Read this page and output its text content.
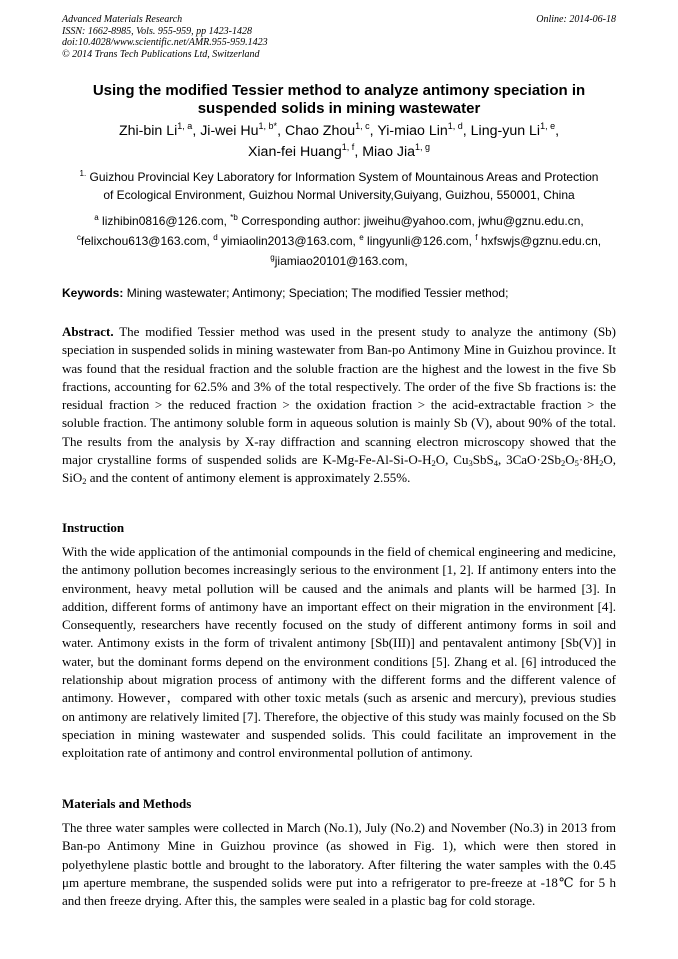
Advanced Materials Research
ISSN: 1662-8985, Vols. 955-959, pp 1423-1428
doi:10.4028/www.scientific.net/AMR.955-959.1423
© 2014 Trans Tech Publications Ltd, Switzerland
Online: 2014-06-18
Using the modified Tessier method to analyze antimony speciation in
suspended solids in mining wastewater
Zhi-bin Li$^{1, a}$, Ji-wei $Hu^{1, b*}$, Chao Zhou$^{1, c}$, Yi-miao Lin$^{1, d}$, Ling-yun Li$^{1, e}$,
Xian-fei Huang$^{1, f}$, Miao Jia$^{1, g}$
$^{1.}$ Guizhou Provincial Key Laboratory for Information System of Mountainous Areas and Protection
of Ecological Environment, Guizhou Normal University,Guiyang, Guizhou, 550001, China
$^a$ lizhibin0816@126.com, $^{*b}$ Corresponding author: jiweihu@yahoo.com, jwhu@gznu.edu.cn,
$^c$felixchou613@163.com, $^d$ yimiaolin2013@163.com, $^e$ lingyunli@126.com, $^f$ hxfswjs@gznu.edu.cn,
$^g$jiamiao20101@163.com,
Keywords: Mining wastewater; Antimony; Speciation; The modified Tessier method;
Abstract. The modified Tessier method was used in the present study to analyze the antimony (Sb) speciation in suspended solids in mining wastewater from Ban-po Antimony Mine in Guizhou province. It was found that the residual fraction and the soluble fraction are the highest and the lowest in the five Sb fractions, accounting for 62.5% and 3% of the total respectively. The order of the five Sb fractions is: the residual fraction > the reduced fraction > the oxidation fraction > the acid-extractable fraction > the soluble fraction. The antimony soluble form in aqueous solution is mainly Sb (V), about 90% of the total. The results from the analysis by X-ray diffraction and scanning electron microscopy showed that the major crystalline forms of suspended solids are $K-Mg-Fe-Al-Si-O-H_2O$, $Cu_3SbS_4$, $3CaO\cdot 2Sb_2O_5\cdot 8H_2O$, SiO$_2$ and the content of antimony element is approximately 2.55%.
Instruction
With the wide application of the antimonial compounds in the field of chemical engineering and medicine, the antimony pollution becomes increasingly serious to the environment [1, 2]. If antimony enters into the environment, heavy metal pollution will be caused and the animals and plants will be harmed [3]. In addition, different forms of antimony have an important effect on their migration in the environment [4]. Consequently, researchers have recently focused on the study of different antimony forms in soil and water. Antimony exists in the form of trivalent antimony [Sb(III)] and pentavalent antimony [Sb(V)] in water, but the dominant forms depend on the environment conditions [5]. Zhang et al. [6] introduced the relationship about migration process of antimony with the different forms and the different valence of antimony. However，compared with other toxic metals (such as arsenic and mercury), previous studies on antimony are relatively limited [7]. Therefore, the objective of this study was mainly focused on the Sb speciation in mining wastewater and suspended solids. This could facilitate an improvement in the exploitation rate of antimony and control environmental pollution of antimony.
Materials and Methods
The three water samples were collected in March (No.1), July (No.2) and November (No.3) in 2013 from Ban-po Antimony Mine in Guizhou province (as showed in Fig. 1), which were then stored in polyethylene plastic bottle and brought to the laboratory. After filtering the water samples with the 0.45 μm aperture membrane, the suspended solids were put into a refrigerator to pre-freeze at -18℃ for 5 h and then freeze drying. After this, the samples were sealed in a plastic bag for cold storage.
